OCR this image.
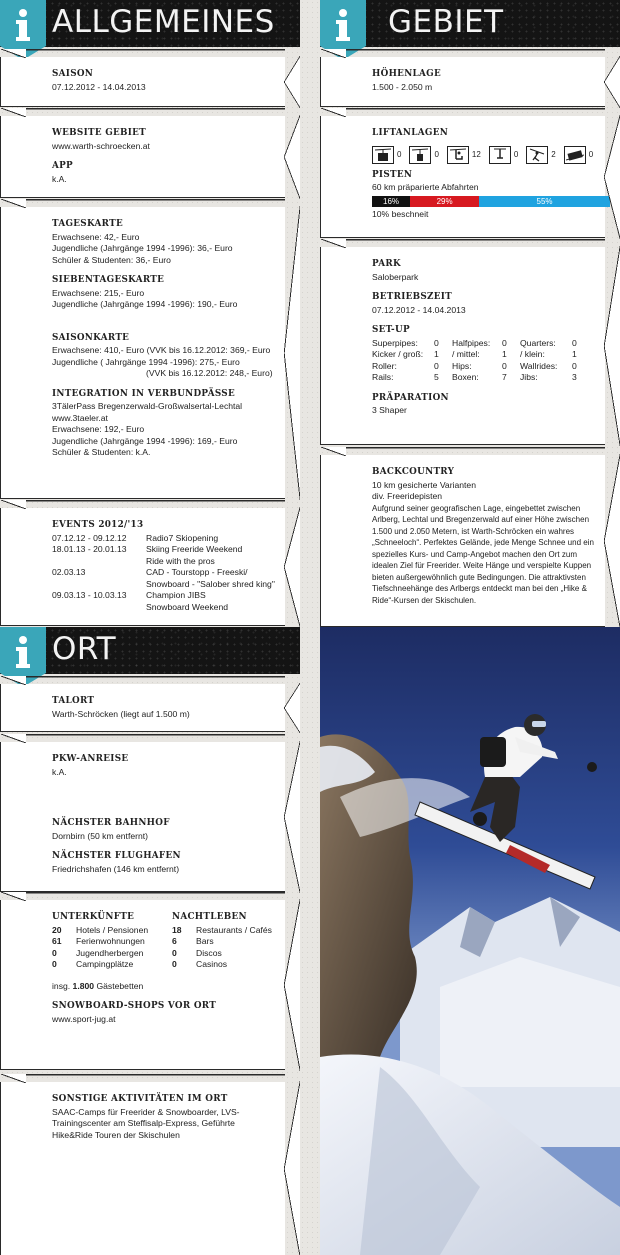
ALLGEMEINES
SAISON
07.12.2012 - 14.04.2013
WEBSITE GEBIET
www.warth-schroecken.at
APP
k.A.
TAGESKARTE
Erwachsene: 42,- Euro
Jugendliche (Jahrgänge 1994 -1996): 36,- Euro
Schüler & Studenten: 36,- Euro
SIEBENTAGESKARTE
Erwachsene: 215,- Euro
Jugendliche (Jahrgänge 1994 -1996): 190,- Euro
SAISONKARTE
Erwachsene: 410,- Euro (VVK bis 16.12.2012: 369,- Euro
Jugendliche ( Jahrgänge 1994 -1996): 275,- Euro
(VVK bis 16.12.2012: 248,- Euro)
INTEGRATION IN VERBUNDPÄSSE
3TälerPass Bregenzerwald-Großwalsertal-Lechtal
www.3taeler.at
Erwachsene: 192,- Euro
Jugendliche (Jahrgänge 1994 -1996): 169,- Euro
Schüler & Studenten: k.A.
EVENTS 2012/'13
07.12.12 - 09.12.12	Radio7 Skiopening
18.01.13 - 20.01.13	Skiing Freeride Weekend
	Ride with the pros
02.03.13	CAD - Tourstopp - Freeski/
	Snowboard - "Salober shred king"
09.03.13 - 10.03.13	Champion JIBS
	Snowboard Weekend
ORT
TALORT
Warth-Schröcken (liegt auf 1.500 m)
PKW-ANREISE
k.A.
NÄCHSTER BAHNHOF
Dornbirn (50 km entfernt)
NÄCHSTER FLUGHAFEN
Friedrichshafen (146 km entfernt)
UNTERKÜNFTE
20	Hotels / Pensionen
61	Ferienwohnungen
0	Jugendherbergen
0	Campingplätze
NACHTLEBEN
18	Restaurants / Cafés
6	Bars
0	Discos
0	Casinos
insg. 1.800 Gästebetten
SNOWBOARD-SHOPS VOR ORT
www.sport-jug.at
SONSTIGE AKTIVITÄTEN IM ORT
SAAC-Camps für Freerider & Snowboarder, LVS-Trainingscenter am Steffisalp-Express, Geführte Hike&Ride Touren der Skischulen
GEBIET
HÖHENLAGE
1.500 - 2.050 m
LIFTANLAGEN
0	0	12	0	2	0
PISTEN
60 km präparierte Abfahrten
16%	29%	55%
10% beschneit
PARK
Saloberpark
BETRIEBSZEIT
07.12.2012 - 14.04.2013
SET-UP
Superpipes:	0	Halfpipes:	0	Quarters:	0
Kicker / groß:	1	/ mittel:	1	/ klein:	1
Roller:	0	Hips:	0	Wallrides:	0
Rails:	5	Boxen:	7	Jibs:	3
PRÄPARATION
3 Shaper
BACKCOUNTRY
10 km gesicherte Varianten
div. Freeridepisten
Aufgrund seiner geografischen Lage, eingebettet zwischen Arlberg, Lechtal und Bregenzerwald auf einer Höhe zwischen 1.500 und 2.050 Metern, ist Warth-Schröcken ein wahres „Schneeloch“. Perfektes Gelände, jede Menge Schnee und ein spezielles Kurs- und Camp-Angebot machen den Ort zum idealen Ziel für Freerider. Weite Hänge und verspielte Kuppen bieten außergewöhnlich gute Bedingungen. Die attraktivsten Tiefschneehänge des Arlbergs entdeckt man bei den „Hike & Ride“-Kursen der Skischulen.
